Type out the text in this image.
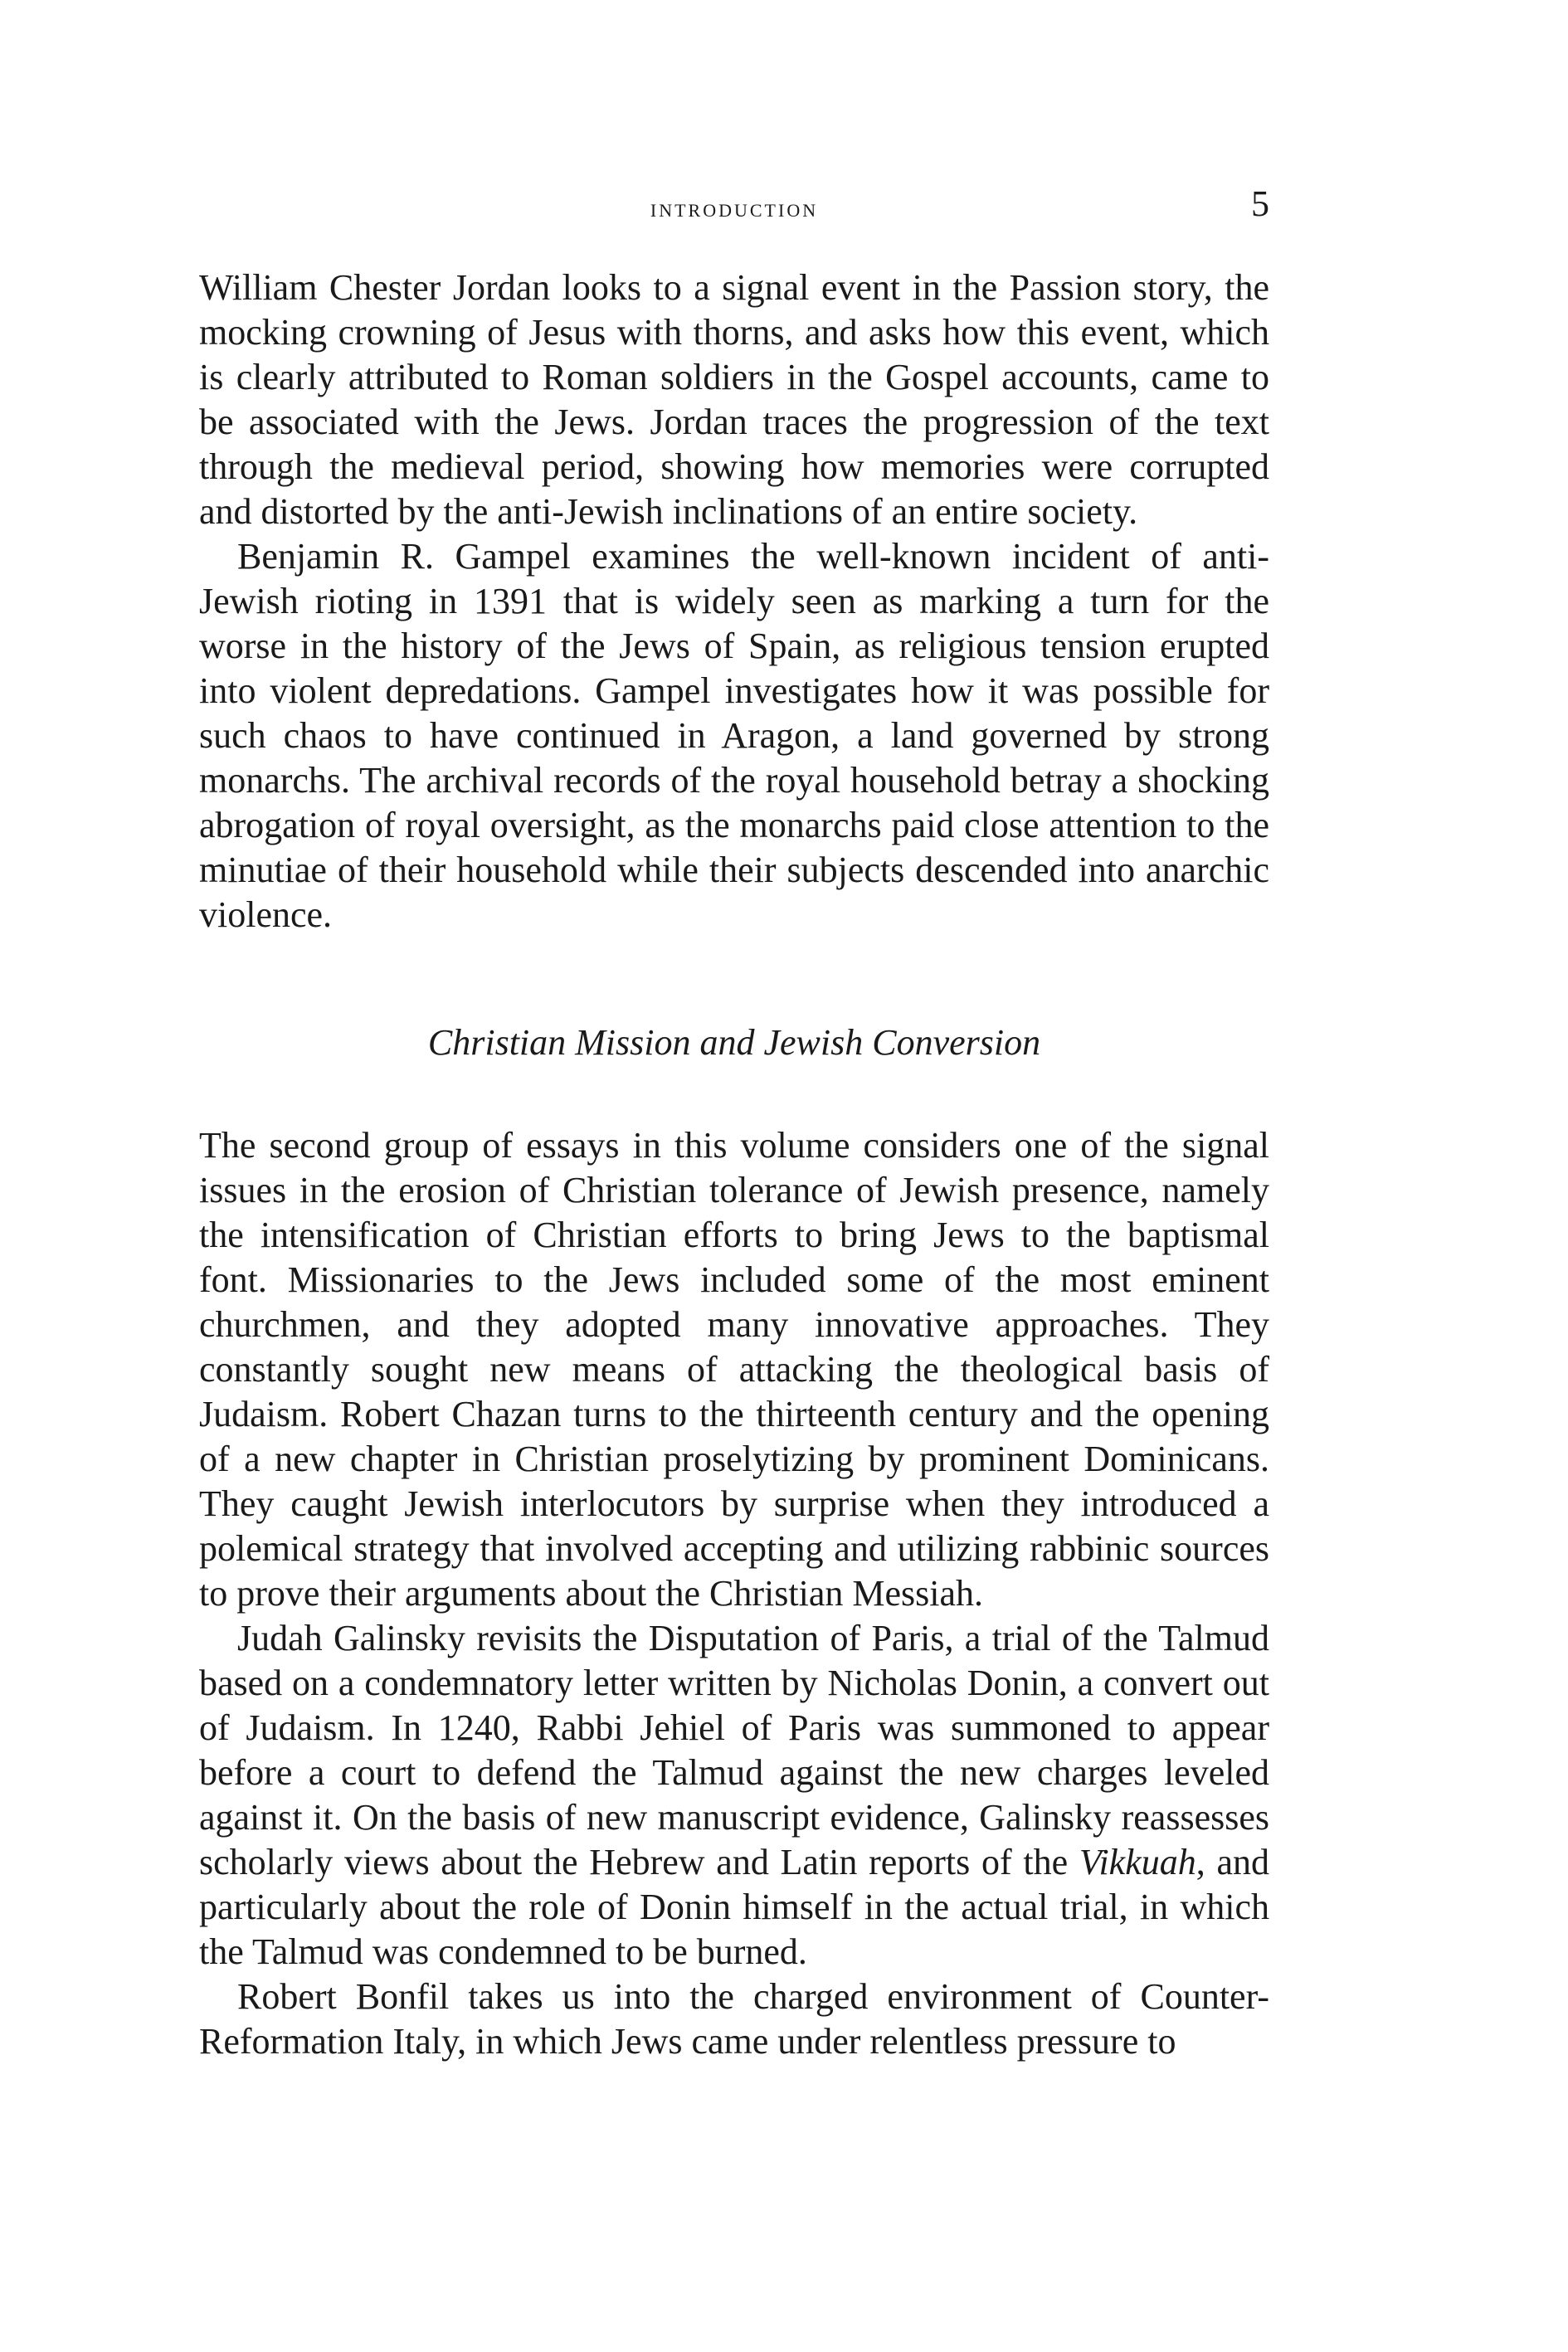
introduction	5

William Chester Jordan looks to a signal event in the Passion story, the mocking crowning of Jesus with thorns, and asks how this event, which is clearly attributed to Roman soldiers in the Gospel accounts, came to be associated with the Jews. Jordan traces the progression of the text through the medieval period, showing how memories were corrupted and distorted by the anti-Jewish inclinations of an entire society.

Benjamin R. Gampel examines the well-known incident of anti-Jewish rioting in 1391 that is widely seen as marking a turn for the worse in the history of the Jews of Spain, as religious tension erupted into violent depredations. Gampel investigates how it was possible for such chaos to have continued in Aragon, a land governed by strong monarchs. The archival records of the royal household betray a shocking abrogation of royal oversight, as the monarchs paid close attention to the minutiae of their household while their subjects descended into anarchic violence.

Christian Mission and Jewish Conversion

The second group of essays in this volume considers one of the signal issues in the erosion of Christian tolerance of Jewish presence, namely the intensification of Christian efforts to bring Jews to the baptismal font. Missionaries to the Jews included some of the most eminent churchmen, and they adopted many innovative approaches. They constantly sought new means of attacking the theological basis of Judaism. Robert Chazan turns to the thirteenth century and the opening of a new chapter in Christian proselytizing by prominent Dominicans. They caught Jewish interlocutors by surprise when they introduced a polemical strategy that involved accepting and utilizing rabbinic sources to prove their arguments about the Christian Messiah.

Judah Galinsky revisits the Disputation of Paris, a trial of the Talmud based on a condemnatory letter written by Nicholas Donin, a convert out of Judaism. In 1240, Rabbi Jehiel of Paris was summoned to appear before a court to defend the Talmud against the new charges leveled against it. On the basis of new manuscript evidence, Galinsky reassesses scholarly views about the Hebrew and Latin reports of the Vikkuah, and particularly about the role of Donin himself in the actual trial, in which the Talmud was condemned to be burned.

Robert Bonfil takes us into the charged environment of Counter-Reformation Italy, in which Jews came under relentless pressure to
